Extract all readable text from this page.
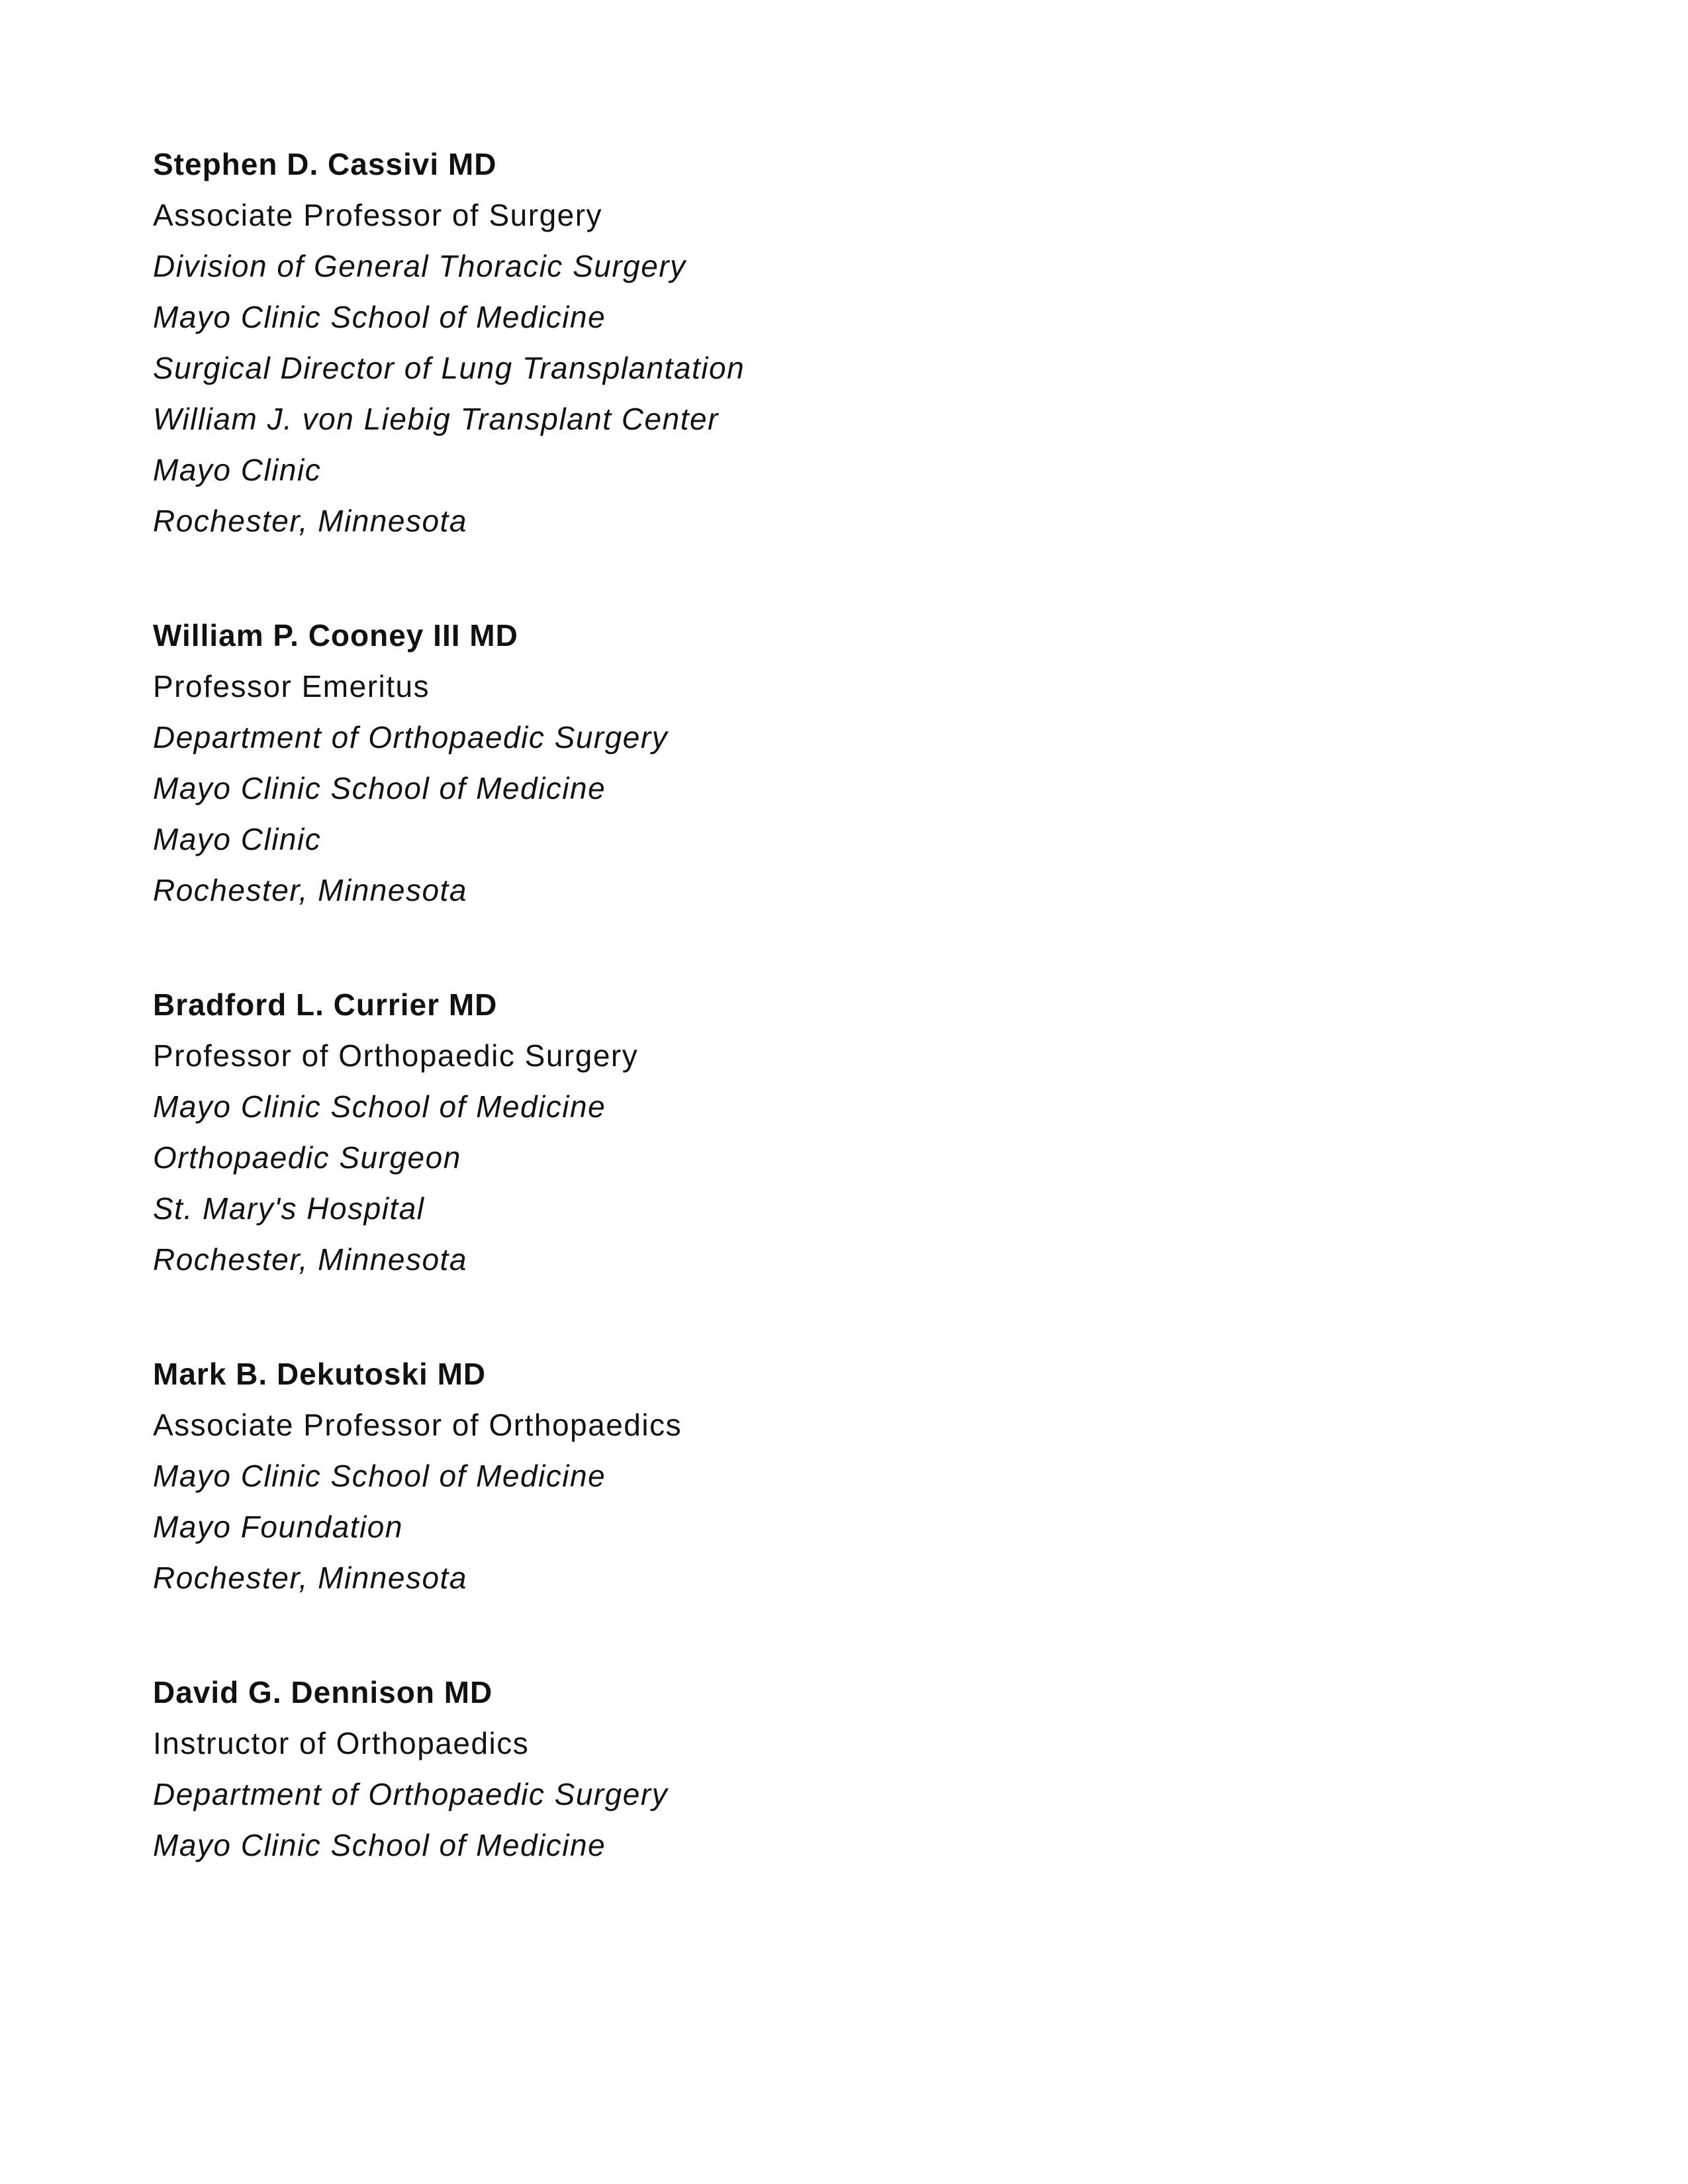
Stephen D. Cassivi MD
Associate Professor of Surgery
Division of General Thoracic Surgery
Mayo Clinic School of Medicine
Surgical Director of Lung Transplantation
William J. von Liebig Transplant Center
Mayo Clinic
Rochester, Minnesota
William P. Cooney III MD
Professor Emeritus
Department of Orthopaedic Surgery
Mayo Clinic School of Medicine
Mayo Clinic
Rochester, Minnesota
Bradford L. Currier MD
Professor of Orthopaedic Surgery
Mayo Clinic School of Medicine
Orthopaedic Surgeon
St. Mary's Hospital
Rochester, Minnesota
Mark B. Dekutoski MD
Associate Professor of Orthopaedics
Mayo Clinic School of Medicine
Mayo Foundation
Rochester, Minnesota
David G. Dennison MD
Instructor of Orthopaedics
Department of Orthopaedic Surgery
Mayo Clinic School of Medicine
